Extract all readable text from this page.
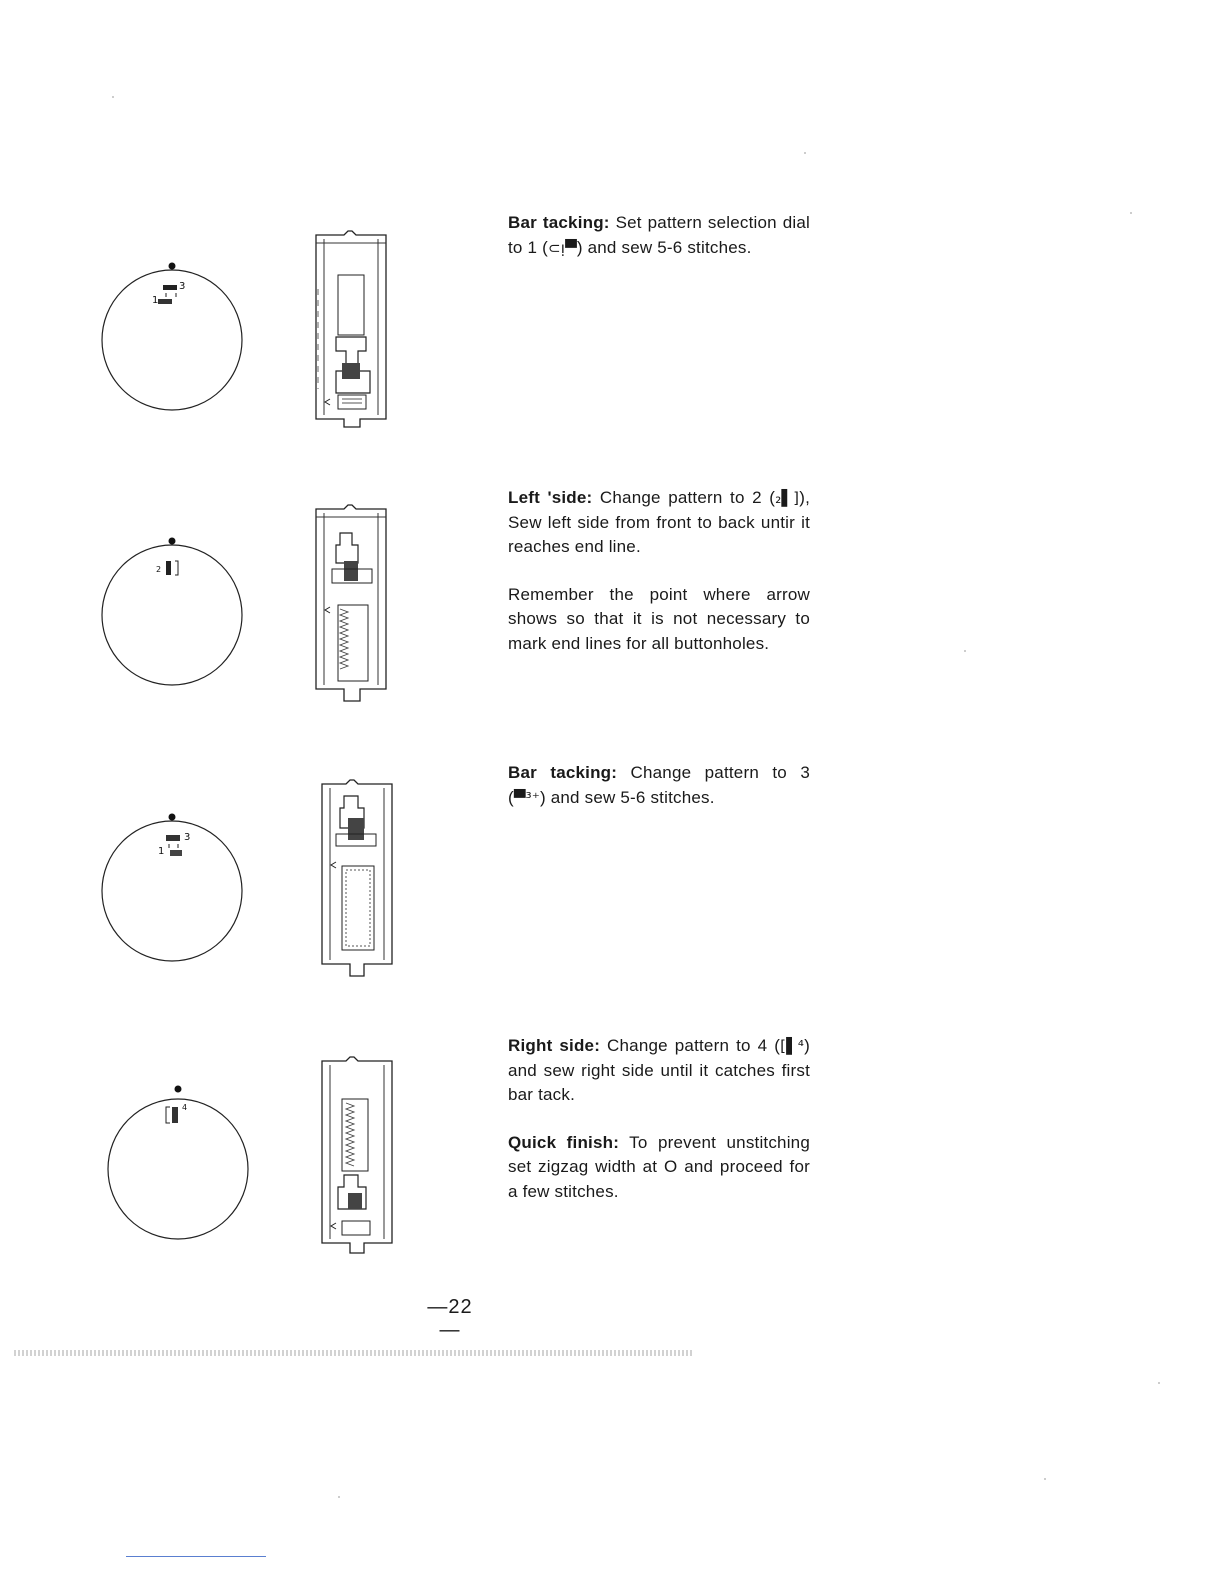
3
1

Bar tacking: Set pattern selection dial to 1 (⊂ᴉ▀) and sew 5-6 stitches.

2

Left 'side: Change pattern to 2 (₂▌]), Sew left side from front to back untir it reaches end line.

Remember the point where arrow shows so that it is not necessary to mark end lines for all buttonholes.

3
1

Bar tacking: Change pattern to 3 (▀³⁺) and sew 5-6 stitches.

4

Right side: Change pattern to 4 ([▌⁴) and sew right side until it catches first bar tack.

Quick finish: To prevent unstitching set zigzag width at O and proceed for a few stitches.

—22—
